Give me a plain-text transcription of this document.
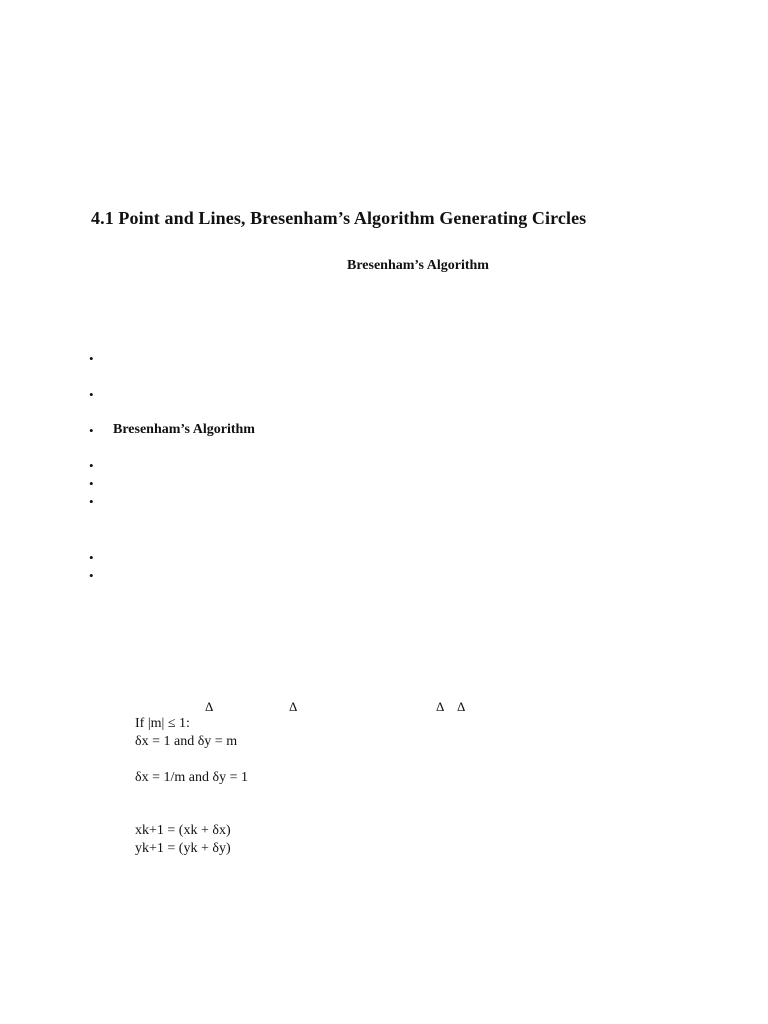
4.1 Point and Lines, Bresenham’s Algorithm Generating Circles
Bresenham’s Algorithm
•
•
• Bresenham’s Algorithm
•
•
•
•
•
Δ	Δ	Δ Δ
If |m| ≤ 1:
δx = 1 and δy = m
δx = 1/m and δy = 1
xk+1 = (xk + δx)
yk+1 = (yk + δy)
